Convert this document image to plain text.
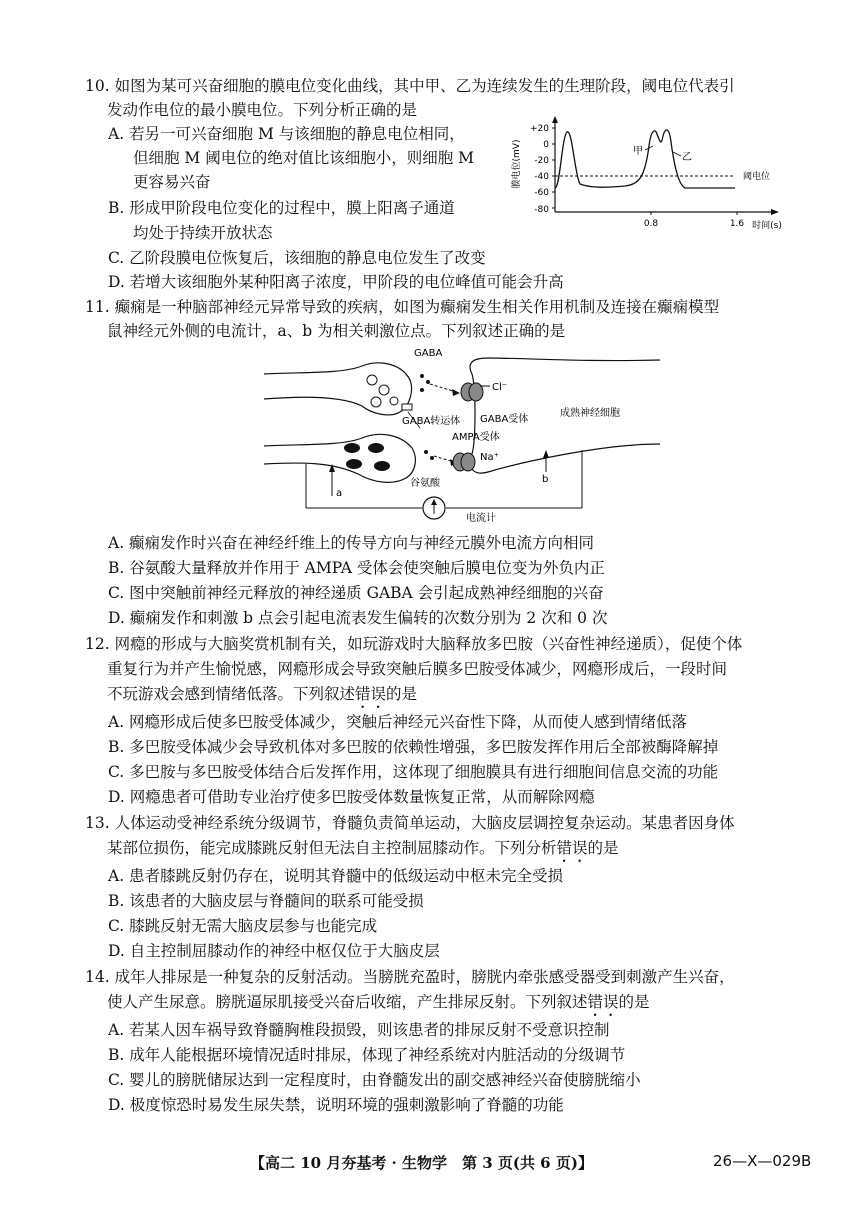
10. 如图为某可兴奋细胞的膜电位变化曲线，其中甲、乙为连续发生的生理阶段，阈电位代表引
发动作电位的最小膜电位。下列分析正确的是
A. 若另一可兴奋细胞 M 与该细胞的静息电位相同，
但细胞 M 阈电位的绝对值比该细胞小，则细胞 M
更容易兴奋
B. 形成甲阶段电位变化的过程中，膜上阳离子通道
均处于持续开放状态
C. 乙阶段膜电位恢复后，该细胞的静息电位发生了改变
D. 若增大该细胞外某种阳离子浓度，甲阶段的电位峰值可能会升高
+20
0
-20
-40
-60
-80
膜电位(mV)
0.8	1.6 时间(s)
阈电位
甲
乙
11. 癫痫是一种脑部神经元异常导致的疾病，如图为癫痫发生相关作用机制及连接在癫痫模型
鼠神经元外侧的电流计，a、b 为相关刺激位点。下列叙述正确的是
GABA
GABA转运体
谷氨酸
Cl⁻
GABA受体
成熟神经细胞
AMPA受体
Na⁺
a
b
电流计
A. 癫痫发作时兴奋在神经纤维上的传导方向与神经元膜外电流方向相同
B. 谷氨酸大量释放并作用于 AMPA 受体会使突触后膜电位变为外负内正
C. 图中突触前神经元释放的神经递质 GABA 会引起成熟神经细胞的兴奋
D. 癫痫发作和刺激 b 点会引起电流表发生偏转的次数分别为 2 次和 0 次
12. 网瘾的形成与大脑奖赏机制有关，如玩游戏时大脑释放多巴胺（兴奋性神经递质），促使个体
重复行为并产生愉悦感，网瘾形成会导致突触后膜多巴胺受体减少，网瘾形成后，一段时间
不玩游戏会感到情绪低落。下列叙述错误的是
A. 网瘾形成后使多巴胺受体减少，突触后神经元兴奋性下降，从而使人感到情绪低落
B. 多巴胺受体减少会导致机体对多巴胺的依赖性增强，多巴胺发挥作用后全部被酶降解掉
C. 多巴胺与多巴胺受体结合后发挥作用，这体现了细胞膜具有进行细胞间信息交流的功能
D. 网瘾患者可借助专业治疗使多巴胺受体数量恢复正常，从而解除网瘾
13. 人体运动受神经系统分级调节，脊髓负责简单运动，大脑皮层调控复杂运动。某患者因身体
某部位损伤，能完成膝跳反射但无法自主控制屈膝动作。下列分析错误的是
A. 患者膝跳反射仍存在，说明其脊髓中的低级运动中枢未完全受损
B. 该患者的大脑皮层与脊髓间的联系可能受损
C. 膝跳反射无需大脑皮层参与也能完成
D. 自主控制屈膝动作的神经中枢仅位于大脑皮层
14. 成年人排尿是一种复杂的反射活动。当膀胱充盈时，膀胱内牵张感受器受到刺激产生兴奋，
使人产生尿意。膀胱逼尿肌接受兴奋后收缩，产生排尿反射。下列叙述错误的是
A. 若某人因车祸导致脊髓胸椎段损毁，则该患者的排尿反射不受意识控制
B. 成年人能根据环境情况适时排尿，体现了神经系统对内脏活动的分级调节
C. 婴儿的膀胱储尿达到一定程度时，由脊髓发出的副交感神经兴奋使膀胱缩小
D. 极度惊恐时易发生尿失禁，说明环境的强刺激影响了脊髓的功能
【高二 10 月夯基考 · 生物学　第 3 页(共 6 页)】	26—X—029B
